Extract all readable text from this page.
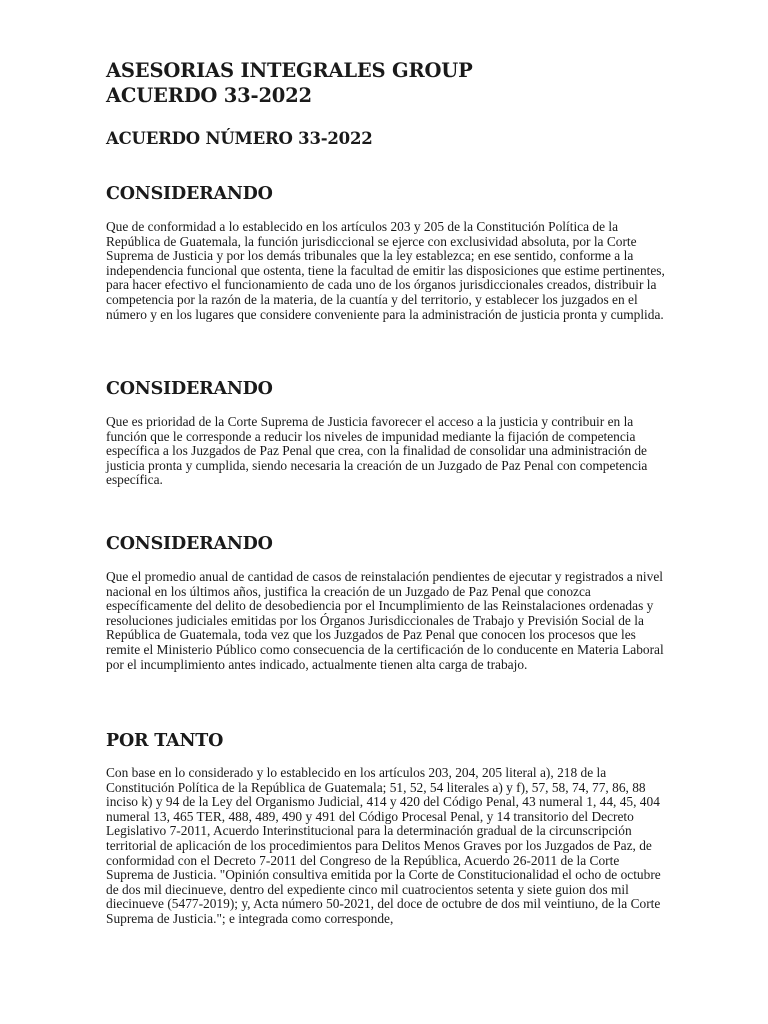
ASESORIAS INTEGRALES GROUP
ACUERDO 33-2022
ACUERDO NÚMERO 33-2022
CONSIDERANDO

Que de conformidad a lo establecido en los artículos 203 y 205 de la Constitución Política de la República de Guatemala, la función jurisdiccional se ejerce con exclusividad absoluta, por la Corte Suprema de Justicia y por los demás tribunales que la ley establezca; en ese sentido, conforme a la independencia funcional que ostenta, tiene la facultad de emitir las disposiciones que estime pertinentes, para hacer efectivo el funcionamiento de cada uno de los órganos jurisdiccionales creados, distribuir la competencia por la razón de la materia, de la cuantía y del territorio, y establecer los juzgados en el número y en los lugares que considere conveniente para la administración de justicia pronta y cumplida.

CONSIDERANDO

Que es prioridad de la Corte Suprema de Justicia favorecer el acceso a la justicia y contribuir en la función que le corresponde a reducir los niveles de impunidad mediante la fijación de competencia específica a los Juzgados de Paz Penal que crea, con la finalidad de consolidar una administración de justicia pronta y cumplida, siendo necesaria la creación de un Juzgado de Paz Penal con competencia específica.

CONSIDERANDO

Que el promedio anual de cantidad de casos de reinstalación pendientes de ejecutar y registrados a nivel nacional en los últimos años, justifica la creación de un Juzgado de Paz Penal que conozca específicamente del delito de desobediencia por el Incumplimiento de las Reinstalaciones ordenadas y resoluciones judiciales emitidas por los Órganos Jurisdiccionales de Trabajo y Previsión Social de la República de Guatemala, toda vez que los Juzgados de Paz Penal que conocen los procesos que les remite el Ministerio Público como consecuencia de la certificación de lo conducente en Materia Laboral por el incumplimiento antes indicado, actualmente tienen alta carga de trabajo.

POR TANTO

Con base en lo considerado y lo establecido en los artículos 203, 204, 205 literal a), 218 de la Constitución Política de la República de Guatemala; 51, 52, 54 literales a) y f), 57, 58, 74, 77, 86, 88 inciso k) y 94 de la Ley del Organismo Judicial, 414 y 420 del Código Penal, 43 numeral 1, 44, 45, 404 numeral 13, 465 TER, 488, 489, 490 y 491 del Código Procesal Penal, y 14 transitorio del Decreto Legislativo 7-2011, Acuerdo Interinstitucional para la determinación gradual de la circunscripción territorial de aplicación de los procedimientos para Delitos Menos Graves por los Juzgados de Paz, de conformidad con el Decreto 7-2011 del Congreso de la República, Acuerdo 26-2011 de la Corte Suprema de Justicia. "Opinión consultiva emitida por la Corte de Constitucionalidad el ocho de octubre de dos mil diecinueve, dentro del expediente cinco mil cuatrocientos setenta y siete guion dos mil diecinueve (5477-2019); y, Acta número 50-2021, del doce de octubre de dos mil veintiuno, de la Corte Suprema de Justicia."; e integrada como corresponde,
